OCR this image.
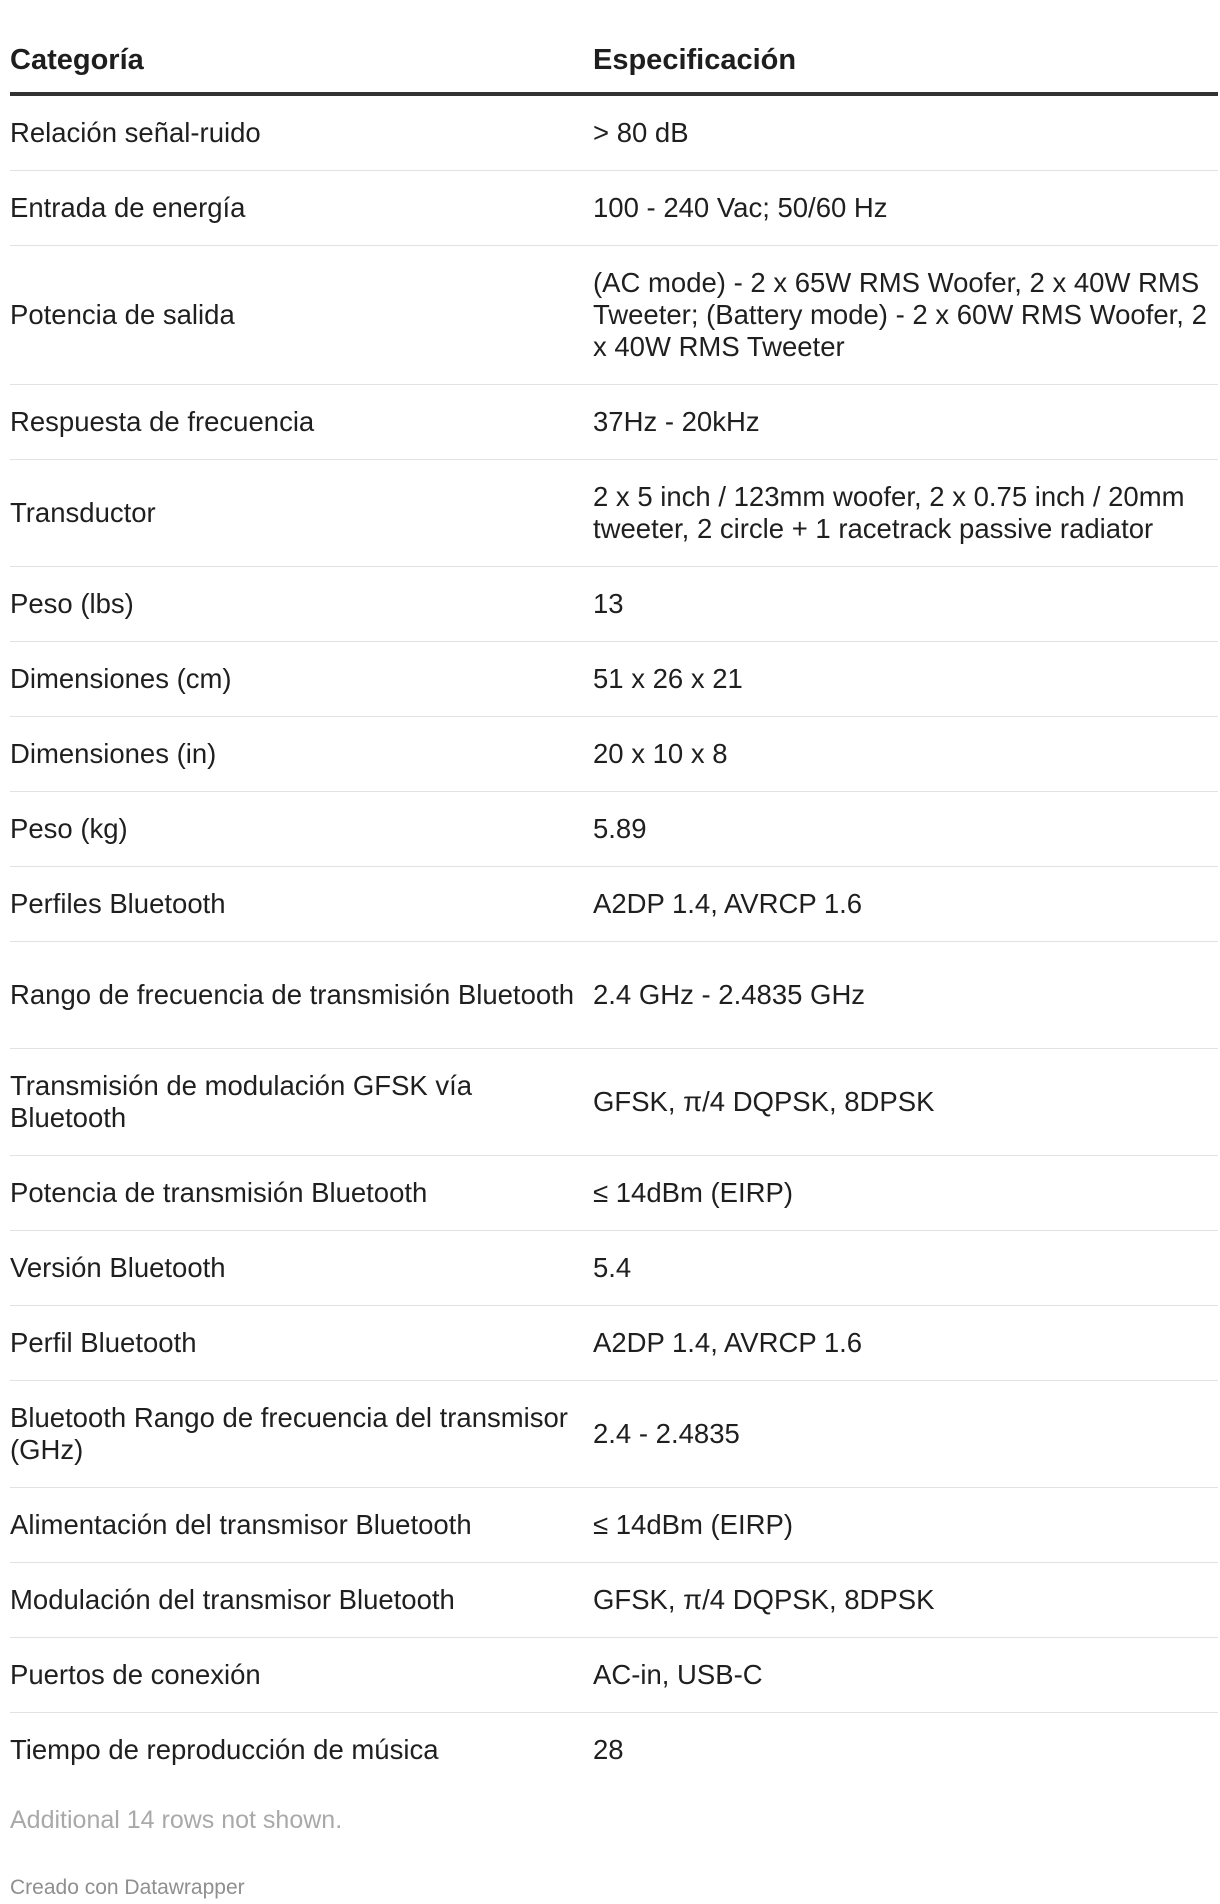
Categoría	Especificación

Relación señal-ruido	> 80 dB

Entrada de energía	100 - 240 Vac; 50/60 Hz

Potencia de salida	(AC mode) - 2 x 65W RMS Woofer, 2 x 40W RMS Tweeter; (Battery mode) - 2 x 60W RMS Woofer, 2 x 40W RMS Tweeter

Respuesta de frecuencia	37Hz - 20kHz

Transductor	2 x 5 inch / 123mm woofer, 2 x 0.75 inch / 20mm tweeter, 2 circle + 1 racetrack passive radiator

Peso (lbs)	13

Dimensiones (cm)	51 x 26 x 21

Dimensiones (in)	20 x 10 x 8

Peso (kg)	5.89

Perfiles Bluetooth	A2DP 1.4, AVRCP 1.6

Rango de frecuencia de transmisión Bluetooth	2.4 GHz - 2.4835 GHz

Transmisión de modulación GFSK vía Bluetooth	GFSK, π/4 DQPSK, 8DPSK

Potencia de transmisión Bluetooth	≤ 14dBm (EIRP)

Versión Bluetooth	5.4

Perfil Bluetooth	A2DP 1.4, AVRCP 1.6

Bluetooth Rango de frecuencia del transmisor (GHz)	2.4 - 2.4835

Alimentación del transmisor Bluetooth	≤ 14dBm (EIRP)

Modulación del transmisor Bluetooth	GFSK, π/4 DQPSK, 8DPSK

Puertos de conexión	AC-in, USB-C

Tiempo de reproducción de música	28
Additional 14 rows not shown.
Creado con Datawrapper
